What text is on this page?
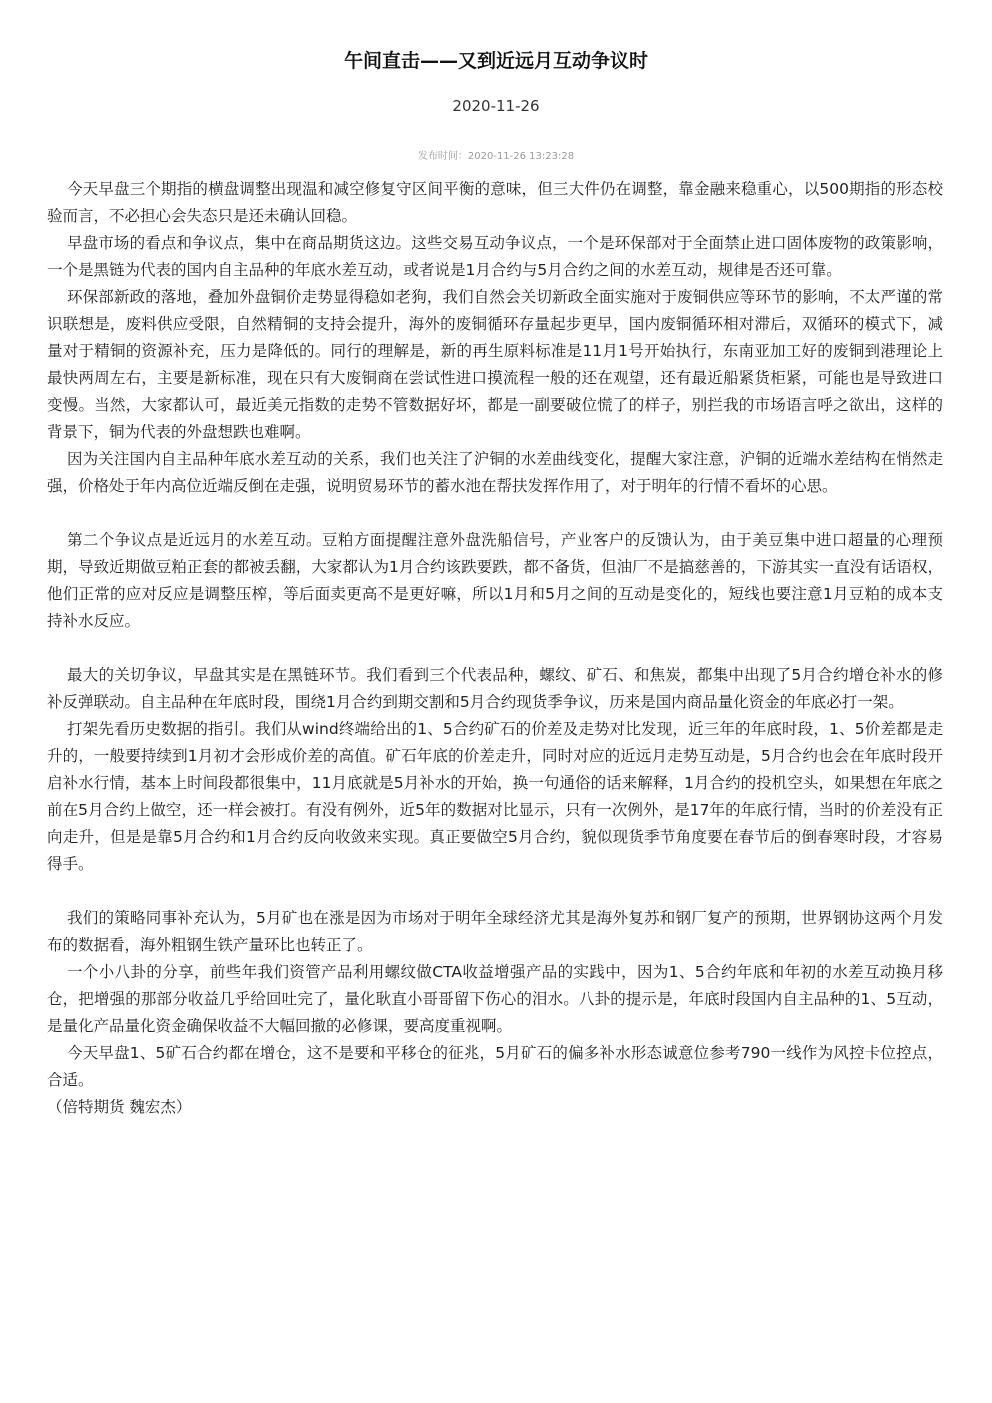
午间直击——又到近远月互动争议时
2020-11-26
发布时间：2020-11-26 13:23:28

今天早盘三个期指的横盘调整出现温和减空修复守区间平衡的意味，但三大件仍在调整，靠金融来稳重心，以500期指的形态校验而言，不必担心会失态只是还未确认回稳。

早盘市场的看点和争议点，集中在商品期货这边。这些交易互动争议点，一个是环保部对于全面禁止进口固体废物的政策影响，一个是黑链为代表的国内自主品种的年底水差互动，或者说是1月合约与5月合约之间的水差互动，规律是否还可靠。

环保部新政的落地，叠加外盘铜价走势显得稳如老狗，我们自然会关切新政全面实施对于废铜供应等环节的影响，不太严谨的常识联想是，废料供应受限，自然精铜的支持会提升，海外的废铜循环存量起步更早，国内废铜循环相对滞后，双循环的模式下，减量对于精铜的资源补充，压力是降低的。同行的理解是，新的再生原料标准是11月1号开始执行，东南亚加工好的废铜到港理论上最快两周左右，主要是新标准，现在只有大废铜商在尝试性进口摸流程一般的还在观望，还有最近船紧货柜紧，可能也是导致进口变慢。当然，大家都认可，最近美元指数的走势不管数据好坏，都是一副要破位慌了的样子，别拦我的市场语言呼之欲出，这样的背景下，铜为代表的外盘想跌也难啊。

因为关注国内自主品种年底水差互动的关系，我们也关注了沪铜的水差曲线变化，提醒大家注意，沪铜的近端水差结构在悄然走强，价格处于年内高位近端反倒在走强，说明贸易环节的蓄水池在帮扶发挥作用了，对于明年的行情不看坏的心思。

第二个争议点是近远月的水差互动。豆粕方面提醒注意外盘洗船信号，产业客户的反馈认为，由于美豆集中进口超量的心理预期，导致近期做豆粕正套的都被丢翻，大家都认为1月合约该跌要跌，都不备货，但油厂不是搞慈善的，下游其实一直没有话语权，他们正常的应对反应是调整压榨，等后面卖更高不是更好嘛，所以1月和5月之间的互动是变化的，短线也要注意1月豆粕的成本支持补水反应。

最大的关切争议，早盘其实是在黑链环节。我们看到三个代表品种，螺纹、矿石、和焦炭，都集中出现了5月合约增仓补水的修补反弹联动。自主品种在年底时段，围绕1月合约到期交割和5月合约现货季争议，历来是国内商品量化资金的年底必打一架。

打架先看历史数据的指引。我们从wind终端给出的1、5合约矿石的价差及走势对比发现，近三年的年底时段，1、5价差都是走升的，一般要持续到1月初才会形成价差的高值。矿石年底的价差走升，同时对应的近远月走势互动是，5月合约也会在年底时段开启补水行情，基本上时间段都很集中，11月底就是5月补水的开始，换一句通俗的话来解释，1月合约的投机空头，如果想在年底之前在5月合约上做空，还一样会被打。有没有例外，近5年的数据对比显示，只有一次例外，是17年的年底行情，当时的价差没有正向走升，但是是靠5月合约和1月合约反向收敛来实现。真正要做空5月合约，貌似现货季节角度要在春节后的倒春寒时段，才容易得手。

我们的策略同事补充认为，5月矿也在涨是因为市场对于明年全球经济尤其是海外复苏和钢厂复产的预期，世界钢协这两个月发布的数据看，海外粗钢生铁产量环比也转正了。

一个小八卦的分享，前些年我们资管产品利用螺纹做CTA收益增强产品的实践中，因为1、5合约年底和年初的水差互动换月移仓，把增强的那部分收益几乎给回吐完了，量化耿直小哥哥留下伤心的泪水。八卦的提示是，年底时段国内自主品种的1、5互动，是量化产品量化资金确保收益不大幅回撤的必修课，要高度重视啊。

今天早盘1、5矿石合约都在增仓，这不是要和平移仓的征兆，5月矿石的偏多补水形态诚意位参考790一线作为风控卡位控点，合适。

（倍特期货 魏宏杰）
